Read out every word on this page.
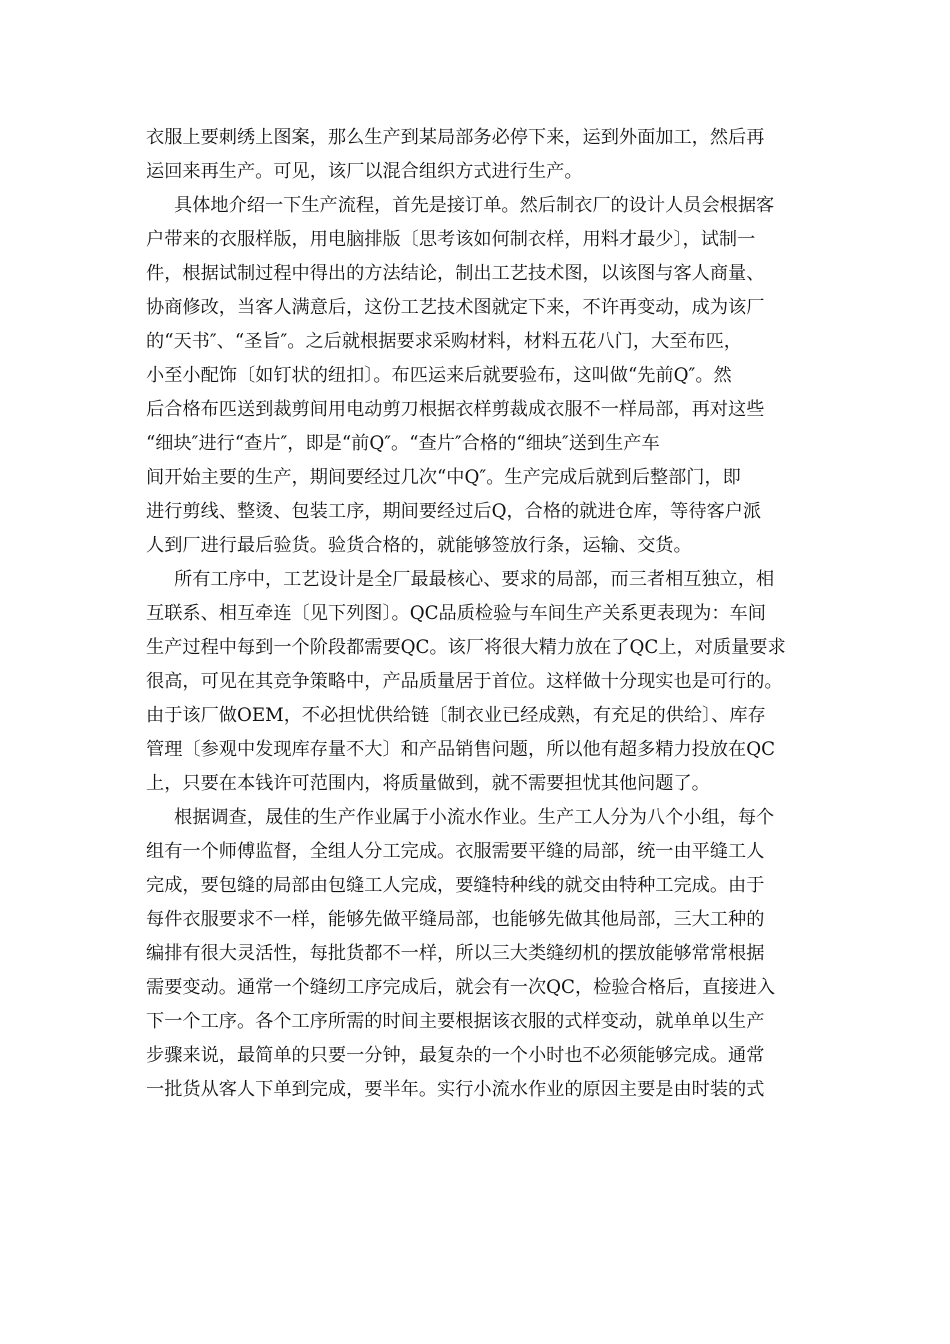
衣服上要刺绣上图案，那么生产到某局部务必停下来，运到外面加工，然后再
运回来再生产。可见，该厂以混合组织方式进行生产。
具体地介绍一下生产流程，首先是接订单。然后制衣厂的设计人员会根据客
户带来的衣服样版，用电脑排版〔思考该如何制衣样，用料才最少〕，试制一
件，根据试制过程中得出的方法结论，制出工艺技术图，以该图与客人商量、
协商修改，当客人满意后，这份工艺技术图就定下来，不许再变动，成为该厂
的“天书″、“圣旨″。之后就根据要求采购材料，材料五花八门，大至布匹，
小至小配饰〔如钉状的纽扣〕。布匹运来后就要验布，这叫做“先前Q″。然
后合格布匹送到裁剪间用电动剪刀根据衣样剪裁成衣服不一样局部，再对这些
“细块″进行“查片″，即是“前Q″。“查片″合格的“细块″送到生产车
间开始主要的生产，期间要经过几次“中Q″。生产完成后就到后整部门，即
进行剪线、整烫、包装工序，期间要经过后Q，合格的就进仓库，等待客户派
人到厂进行最后验货。验货合格的，就能够签放行条，运输、交货。
所有工序中，工艺设计是全厂最最核心、要求的局部，而三者相互独立，相
互联系、相互牵连〔见下列图〕。QC品质检验与车间生产关系更表现为：车间
生产过程中每到一个阶段都需要QC。该厂将很大精力放在了QC上，对质量要求
很高，可见在其竞争策略中，产品质量居于首位。这样做十分现实也是可行的。
由于该厂做OEM，不必担忧供给链〔制衣业已经成熟，有充足的供给〕、库存
管理〔参观中发现库存量不大〕和产品销售问题，所以他有超多精力投放在QC
上，只要在本钱许可范围内，将质量做到，就不需要担忧其他问题了。
根据调查，晟佳的生产作业属于小流水作业。生产工人分为八个小组，每个
组有一个师傅监督，全组人分工完成。衣服需要平缝的局部，统一由平缝工人
完成，要包缝的局部由包缝工人完成，要缝特种线的就交由特种工完成。由于
每件衣服要求不一样，能够先做平缝局部，也能够先做其他局部，三大工种的
编排有很大灵活性，每批货都不一样，所以三大类缝纫机的摆放能够常常根据
需要变动。通常一个缝纫工序完成后，就会有一次QC，检验合格后，直接进入
下一个工序。各个工序所需的时间主要根据该衣服的式样变动，就单单以生产
步骤来说，最简单的只要一分钟，最复杂的一个小时也不必须能够完成。通常
一批货从客人下单到完成，要半年。实行小流水作业的原因主要是由时装的式
